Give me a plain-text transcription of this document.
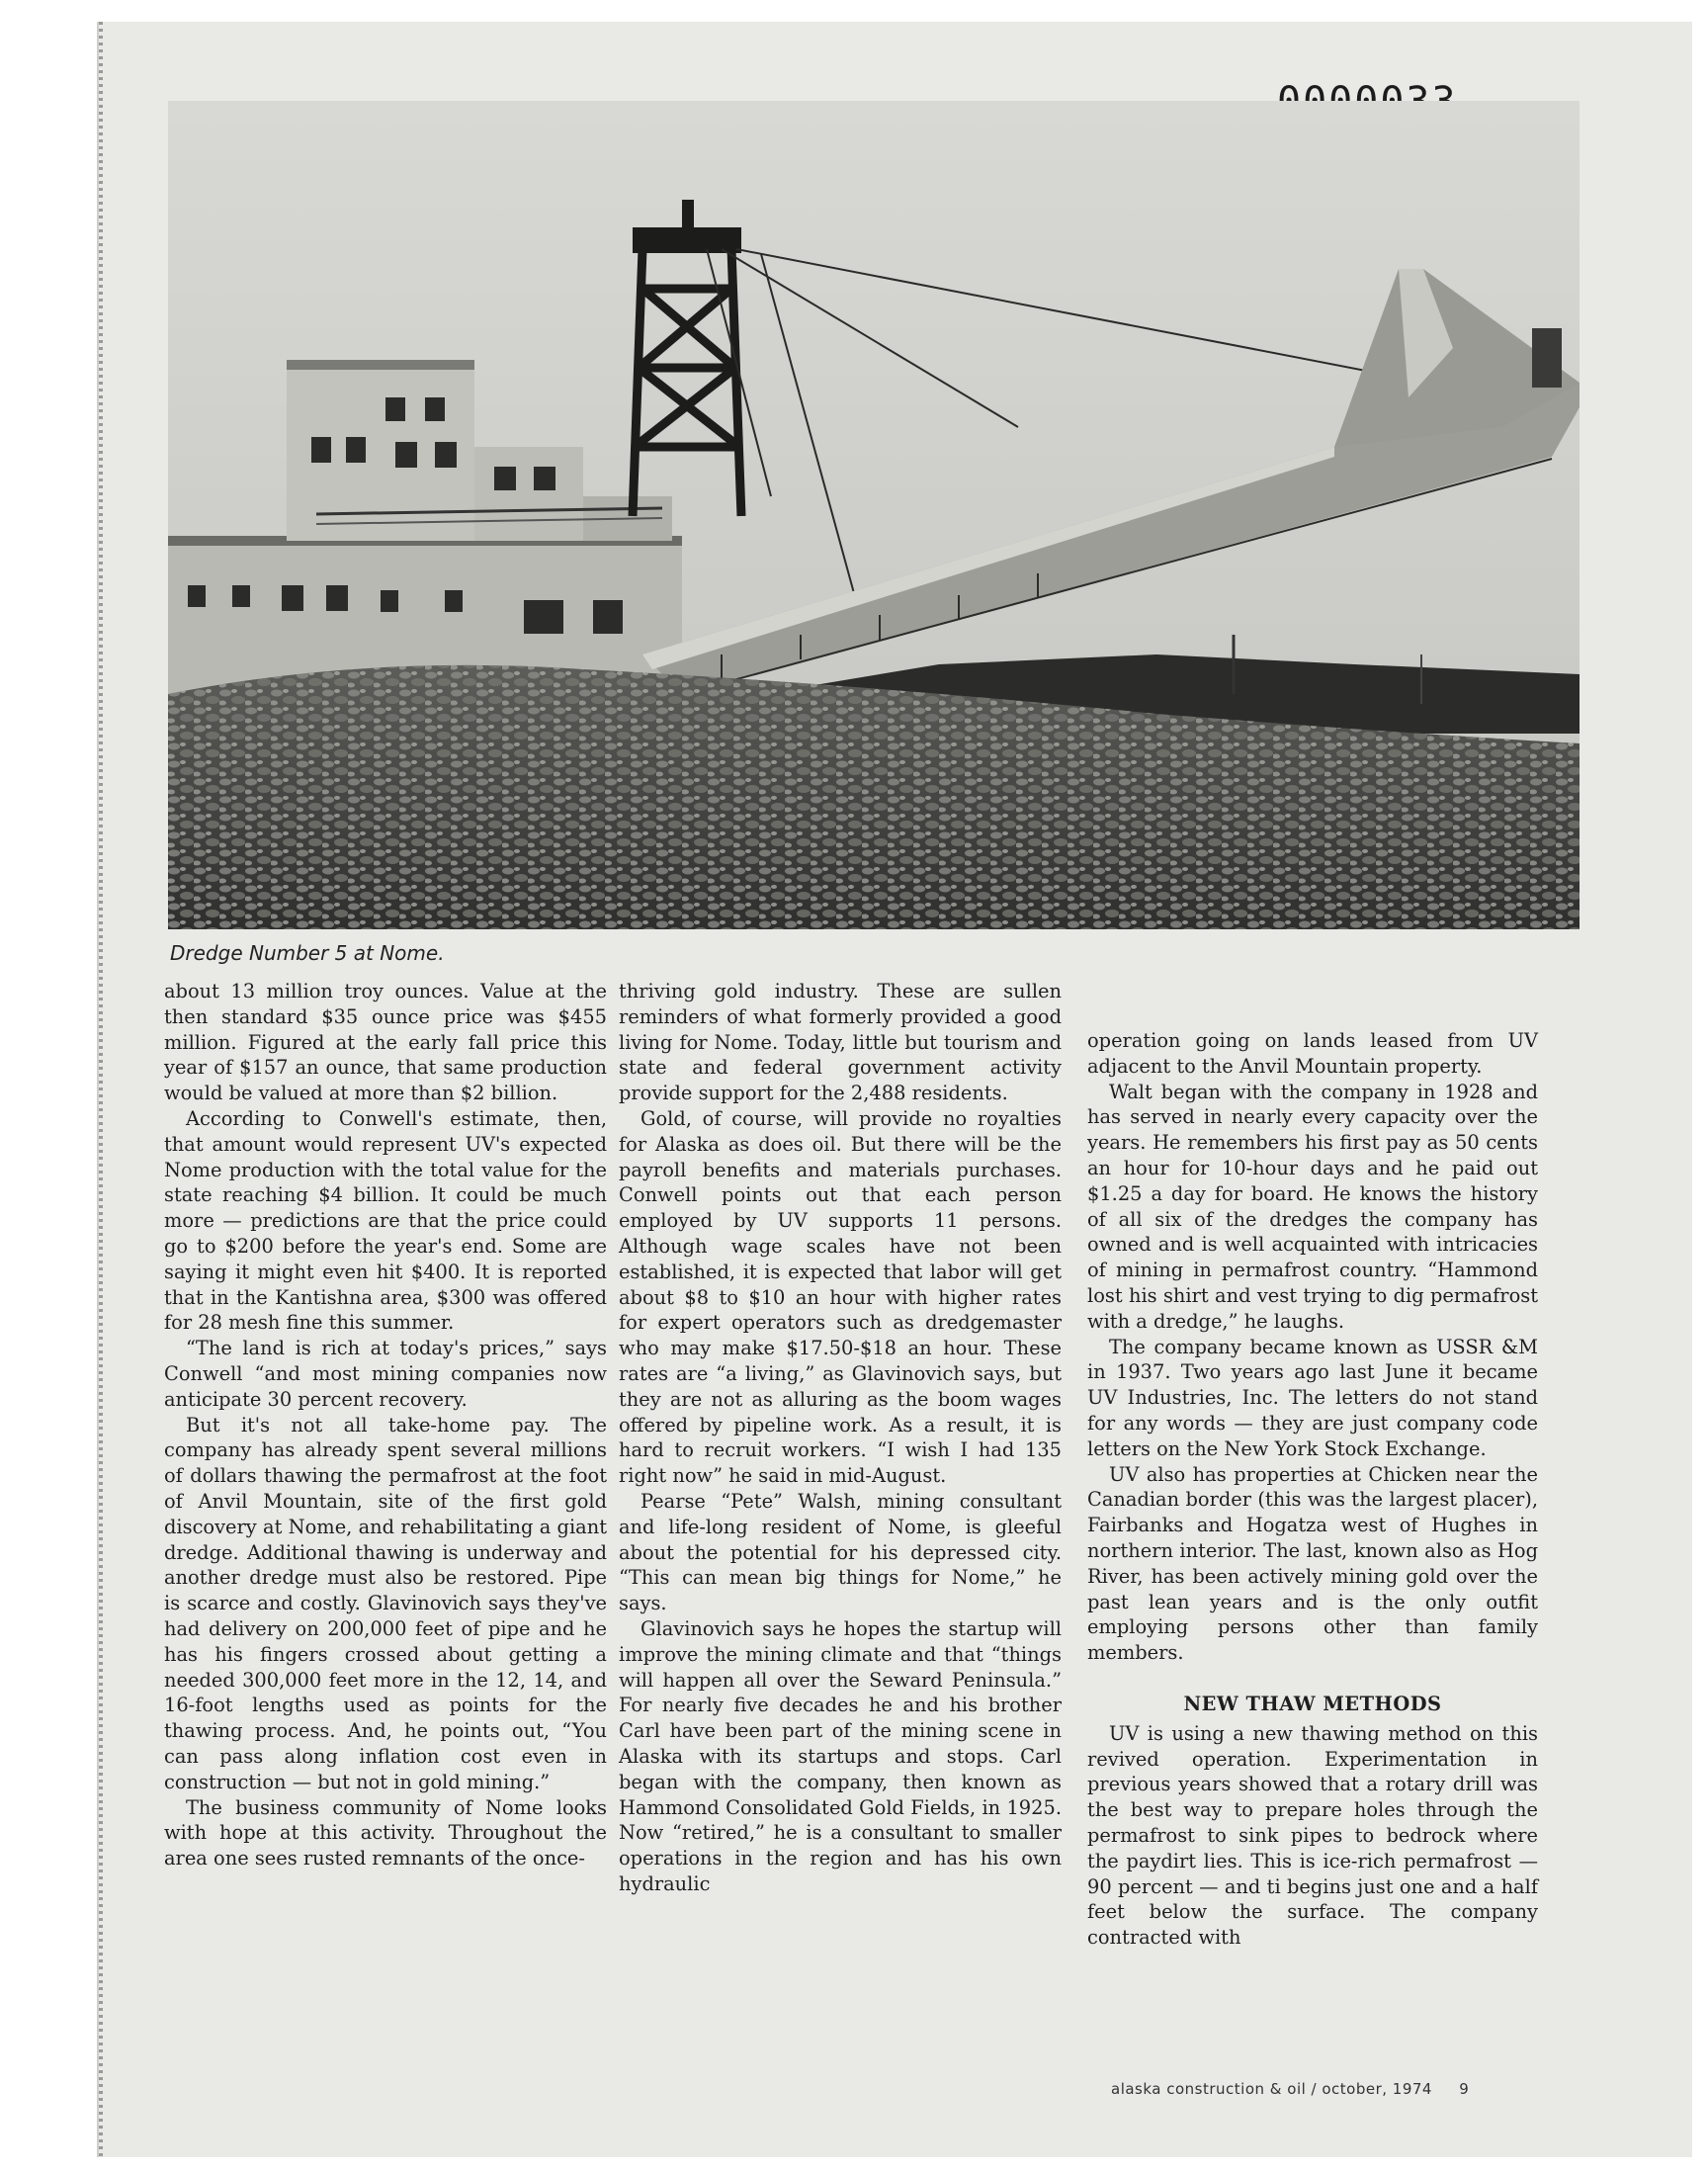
Dredge Number 5 at Nome.

about 13 million troy ounces. Value at the then standard $35 ounce price was $455 million. Figured at the early fall price this year of $157 an ounce, that same production would be valued at more than $2 billion.

According to Conwell's estimate, then, that amount would represent UV's expected Nome production with the total value for the state reaching $4 billion. It could be much more — predictions are that the price could go to $200 before the year's end. Some are saying it might even hit $400. It is reported that in the Kantishna area, $300 was offered for 28 mesh fine this summer.

“The land is rich at today's prices,” says Conwell “and most mining companies now anticipate 30 percent recovery.

But it's not all take-home pay. The company has already spent several millions of dollars thawing the permafrost at the foot of Anvil Mountain, site of the first gold discovery at Nome, and rehabilitating a giant dredge. Additional thawing is underway and another dredge must also be restored. Pipe is scarce and costly. Glavinovich says they've had delivery on 200,000 feet of pipe and he has his fingers crossed about getting a needed 300,000 feet more in the 12, 14, and 16-foot lengths used as points for the thawing process. And, he points out, “You can pass along inflation cost even in construction — but not in gold mining.”

The business community of Nome looks with hope at this activity. Throughout the area one sees rusted remnants of the once-

thriving gold industry. These are sullen reminders of what formerly provided a good living for Nome. Today, little but tourism and state and federal government activity provide support for the 2,488 residents.

Gold, of course, will provide no royalties for Alaska as does oil. But there will be the payroll benefits and materials purchases. Conwell points out that each person employed by UV supports 11 persons. Although wage scales have not been established, it is expected that labor will get about $8 to $10 an hour with higher rates for expert operators such as dredgemaster who may make $17.50-$18 an hour. These rates are “a living,” as Glavinovich says, but they are not as alluring as the boom wages offered by pipeline work. As a result, it is hard to recruit workers. “I wish I had 135 right now” he said in mid-August.

Pearse “Pete” Walsh, mining consultant and life-long resident of Nome, is gleeful about the potential for his depressed city. “This can mean big things for Nome,” he says.

Glavinovich says he hopes the startup will improve the mining climate and that “things will happen all over the Seward Peninsula.” For nearly five decades he and his brother Carl have been part of the mining scene in Alaska with its startups and stops. Carl began with the company, then known as Hammond Consolidated Gold Fields, in 1925. Now “retired,” he is a consultant to smaller operations in the region and has his own hydraulic

operation going on lands leased from UV adjacent to the Anvil Mountain property.

Walt began with the company in 1928 and has served in nearly every capacity over the years. He remembers his first pay as 50 cents an hour for 10-hour days and he paid out $1.25 a day for board. He knows the history of all six of the dredges the company has owned and is well acquainted with intricacies of mining in permafrost country. “Hammond lost his shirt and vest trying to dig permafrost with a dredge,” he laughs.

The company became known as USSR &M in 1937. Two years ago last June it became UV Industries, Inc. The letters do not stand for any words — they are just company code letters on the New York Stock Exchange.

UV also has properties at Chicken near the Canadian border (this was the largest placer), Fairbanks and Hogatza west of Hughes in northern interior. The last, known also as Hog River, has been actively mining gold over the past lean years and is the only outfit employing persons other than family members.

NEW THAW METHODS

UV is using a new thawing method on this revived operation. Experimentation in previous years showed that a rotary drill was the best way to prepare holes through the permafrost to sink pipes to bedrock where the paydirt lies. This is ice-rich permafrost — 90 percent — and ti begins just one and a half feet below the surface. The company contracted with

alaska construction & oil / october, 1974 9
